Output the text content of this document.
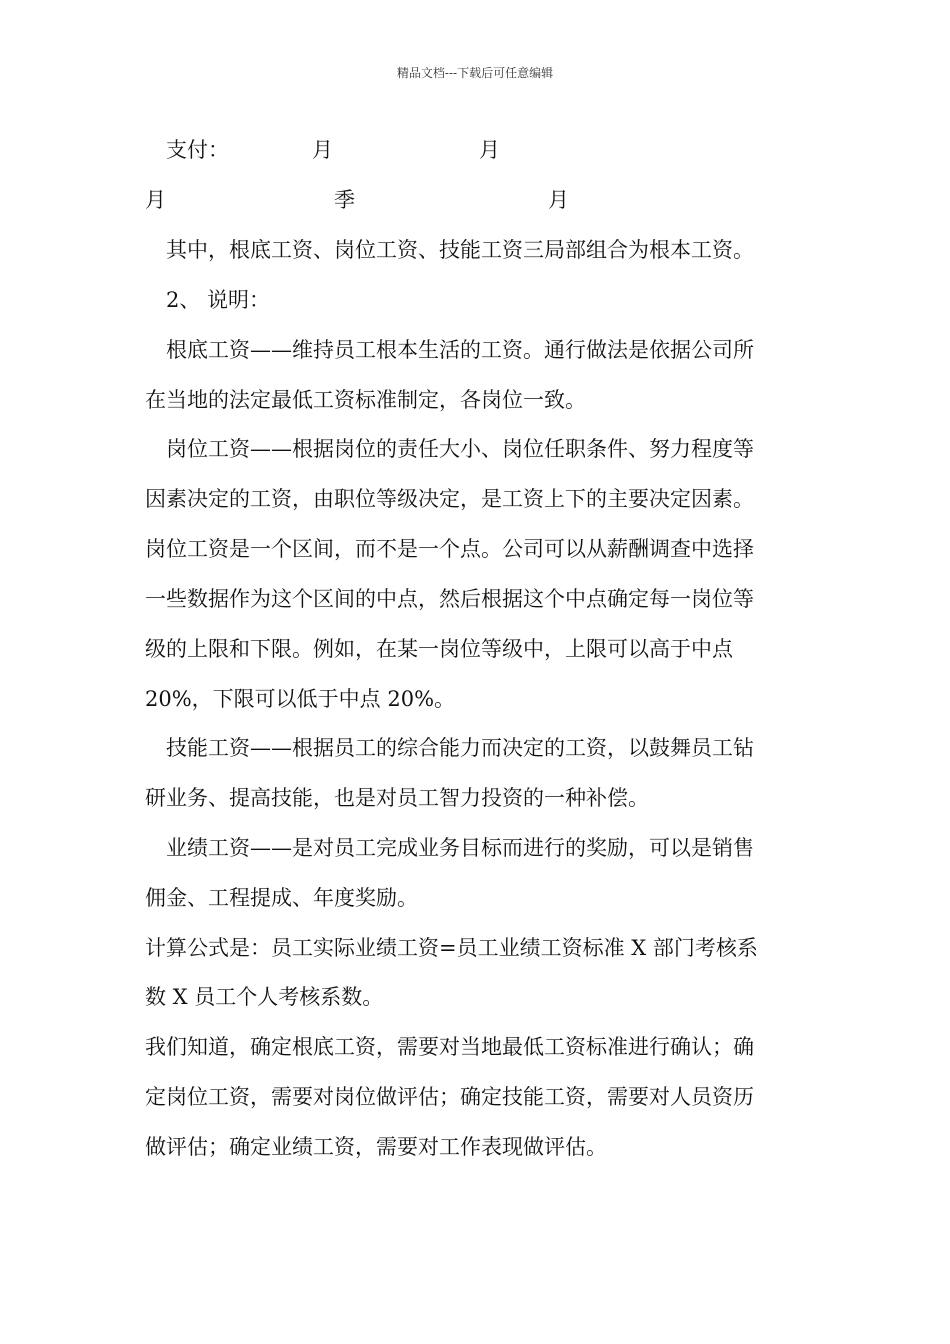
精品文档---下载后可任意编辑
支付：	月	月
月	季	月
其中，根底工资、岗位工资、技能工资三局部组合为根本工资。
2、 说明：
根底工资——维持员工根本生活的工资。通行做法是依据公司所
在当地的法定最低工资标准制定，各岗位一致。
岗位工资——根据岗位的责任大小、岗位任职条件、努力程度等
因素决定的工资，由职位等级决定，是工资上下的主要决定因素。
岗位工资是一个区间，而不是一个点。公司可以从薪酬调查中选择
一些数据作为这个区间的中点，然后根据这个中点确定每一岗位等
级的上限和下限。例如，在某一岗位等级中，上限可以高于中点
20%，下限可以低于中点 20%。
技能工资——根据员工的综合能力而决定的工资，以鼓舞员工钻
研业务、提高技能，也是对员工智力投资的一种补偿。
业绩工资——是对员工完成业务目标而进行的奖励，可以是销售
佣金、工程提成、年度奖励。
计算公式是：员工实际业绩工资=员工业绩工资标准 X 部门考核系
数 X 员工个人考核系数。
我们知道，确定根底工资，需要对当地最低工资标准进行确认；确
定岗位工资，需要对岗位做评估；确定技能工资，需要对人员资历
做评估；确定业绩工资，需要对工作表现做评估。
